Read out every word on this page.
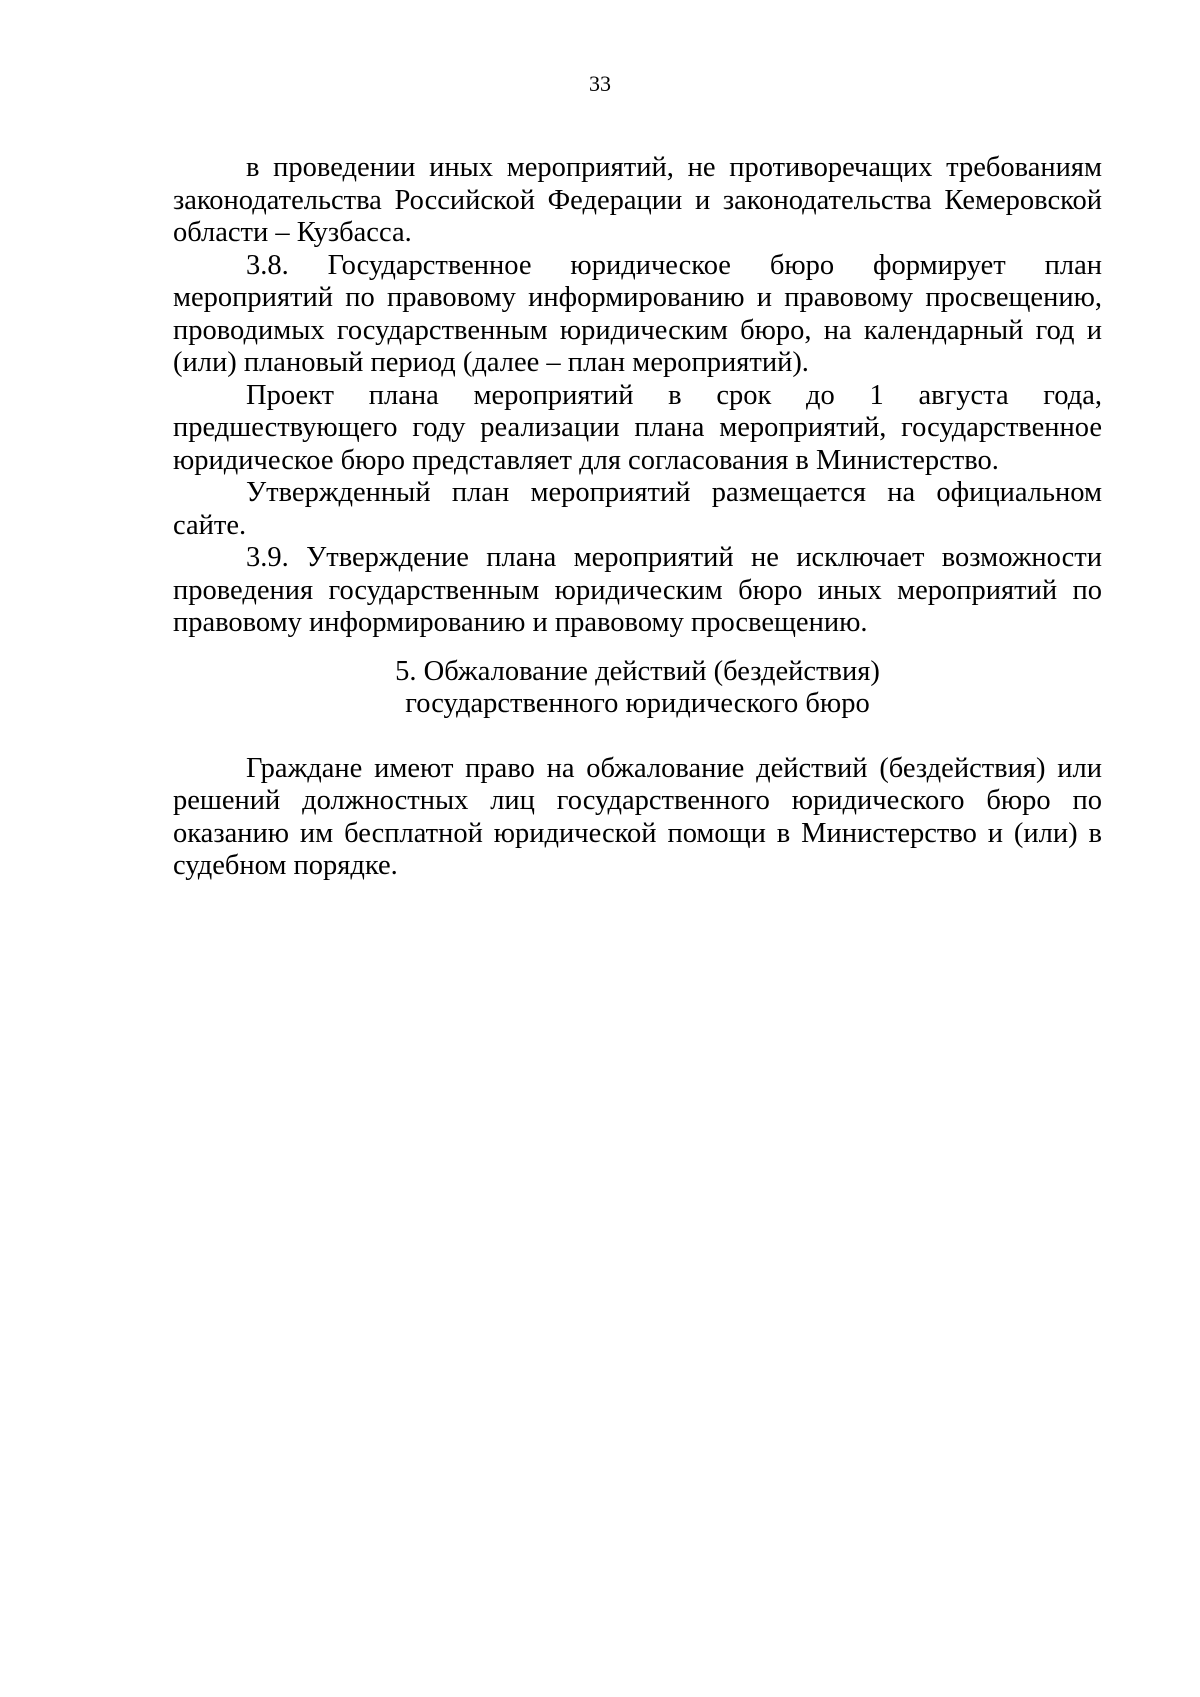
33

в проведении иных мероприятий, не противоречащих требованиям законодательства Российской Федерации и законодательства Кемеровской области – Кузбасса.

3.8. Государственное юридическое бюро формирует план мероприятий по правовому информированию и правовому просвещению, проводимых государственным юридическим бюро, на календарный год и (или) плановый период (далее – план мероприятий).

Проект плана мероприятий в срок до 1 августа года, предшествующего году реализации плана мероприятий, государственное юридическое бюро представляет для согласования в Министерство.

Утвержденный план мероприятий размещается на официальном сайте.

3.9. Утверждение плана мероприятий не исключает возможности проведения государственным юридическим бюро иных мероприятий по правовому информированию и правовому просвещению.

5. Обжалование действий (бездействия)
государственного юридического бюро

Граждане имеют право на обжалование действий (бездействия) или решений должностных лиц государственного юридического бюро по оказанию им бесплатной юридической помощи в Министерство и (или) в судебном порядке.
